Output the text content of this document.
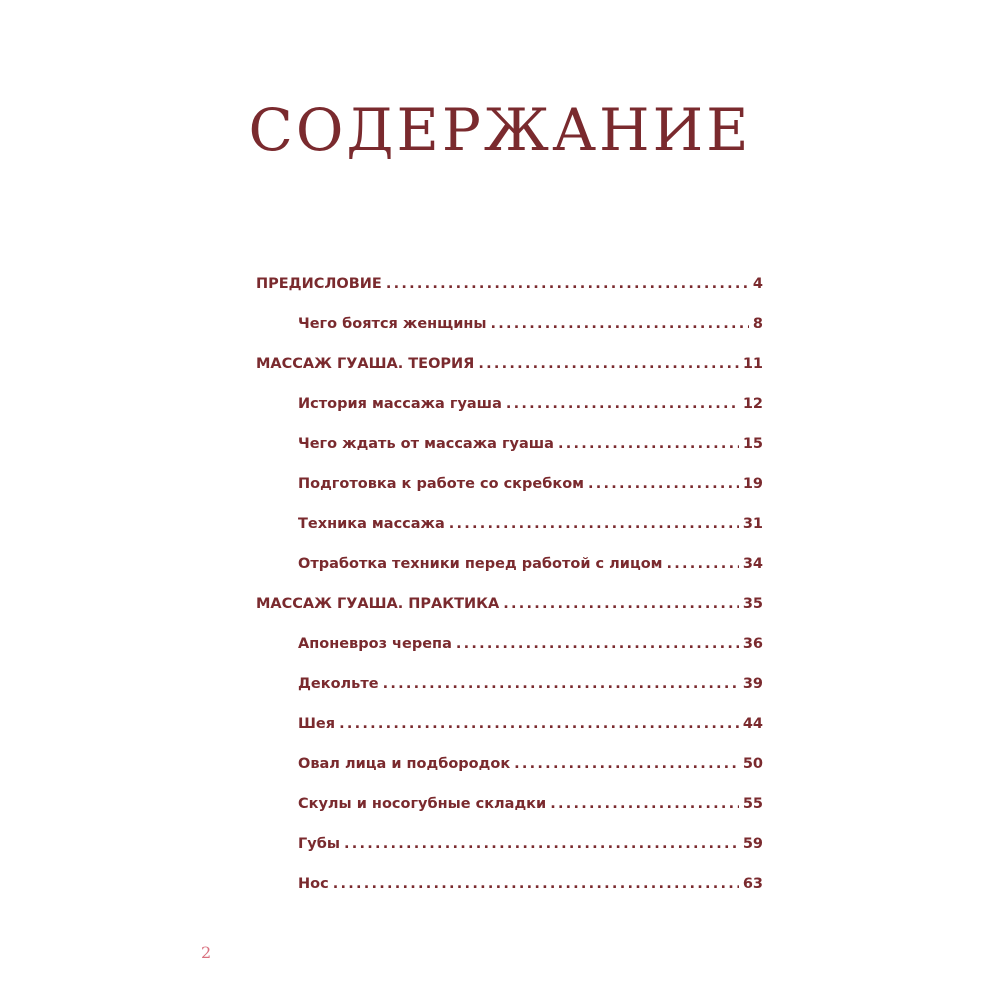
СОДЕРЖАНИЕ
ПРЕДИСЛОВИЕ . . .	4
Чего боятся женщины . . .	8
МАССАЖ ГУАША. ТЕОРИЯ . . .	11
История массажа гуаша . . .	12
Чего ждать от массажа гуаша . . .	15
Подготовка к работе со скребком . . .	19
Техника массажа . . .	31
Отработка техники перед работой с лицом . . .	34
МАССАЖ ГУАША. ПРАКТИКА . . .	35
Апоневроз черепа . . .	36
Декольте . . .	39
Шея . . .	44
Овал лица и подбородок . . .	50
Скулы и носогубные складки . . .	55
Губы . . .	59
Нос . . .	63
2
